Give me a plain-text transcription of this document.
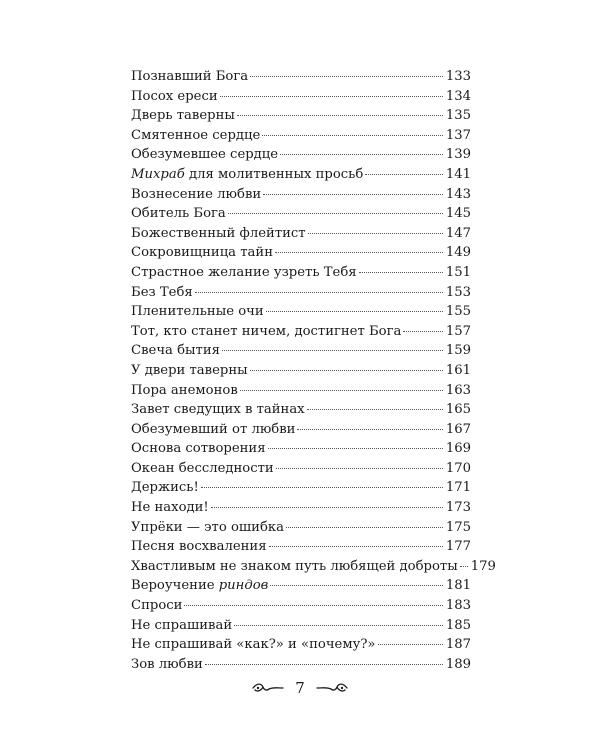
Познавший Бога	133
Посох ереси	134
Дверь таверны	135
Смятенное сердце	137
Обезумевшее сердце	139
Михраб для молитвенных просьб	141
Вознесение любви	143
Обитель Бога	145
Божественный флейтист	147
Сокровищница тайн	149
Страстное желание узреть Тебя	151
Без Тебя	153
Пленительные очи	155
Тот, кто станет ничем, достигнет Бога	157
Свеча бытия	159
У двери таверны	161
Пора анемонов	163
Завет сведущих в тайнах	165
Обезумевший от любви	167
Основа сотворения	169
Океан бесследности	170
Держись!	171
Не находи!	173
Упрёки — это ошибка	175
Песня восхваления	177
Хвастливым не знаком путь любящей доброты 179
Вероучение риндов	181
Спроси	183
Не спрашивай	185
Не спрашивай «как?» и «почему?»	187
Зов любви	189
7
